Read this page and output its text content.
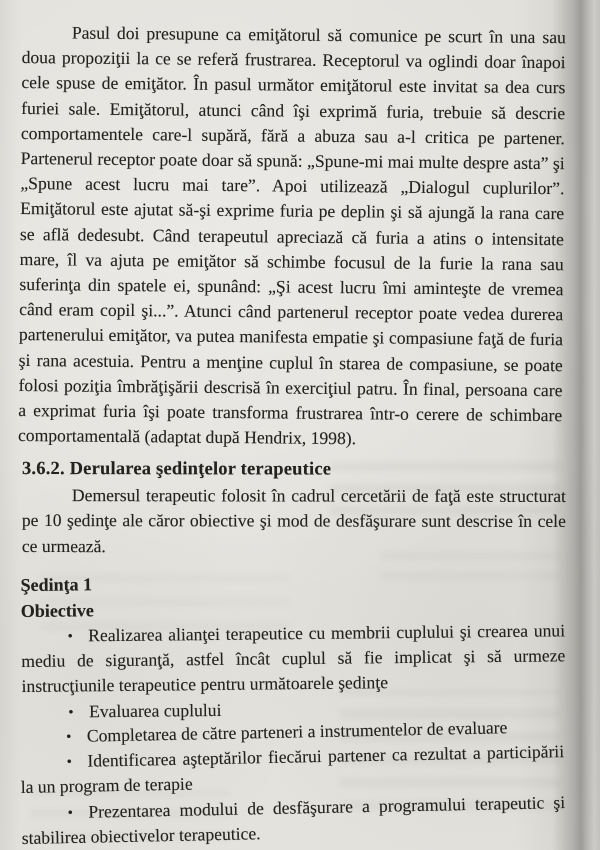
Pasul doi presupune ca emiţătorul să comunice pe scurt în una sau doua propoziţii la ce se referă frustrarea. Receptorul va oglindi doar înapoi cele spuse de emiţător. În pasul următor emiţătorul este invitat sa dea curs furiei sale. Emiţătorul, atunci când îşi exprimă furia, trebuie să descrie comportamentele care-l supără, fără a abuza sau a-l critica pe partener. Partenerul receptor poate doar să spună: „Spune-mi mai multe despre asta” şi „Spune acest lucru mai tare”. Apoi utilizează „Dialogul cuplurilor”. Emiţătorul este ajutat să-şi exprime furia pe deplin şi să ajungă la rana care se află dedesubt. Când terapeutul apreciază că furia a atins o intensitate mare, îl va ajuta pe emiţător să schimbe focusul de la furie la rana sau suferinţa din spatele ei, spunând: „Şi acest lucru îmi aminteşte de vremea când eram copil şi...”. Atunci când partenerul receptor poate vedea durerea partenerului emiţător, va putea manifesta empatie şi compasiune faţă de furia şi rana acestuia. Pentru a menţine cuplul în starea de compasiune, se poate folosi poziţia îmbrăţişării descrisă în exerciţiul patru. În final, persoana care a exprimat furia îşi poate transforma frustrarea într-o cerere de schimbare comportamentală (adaptat după Hendrix, 1998).

3.6.2. Derularea şedinţelor terapeutice

Demersul terapeutic folosit în cadrul cercetării de faţă este structurat pe 10 şedinţe ale căror obiective şi mod de desfăşurare sunt descrise în cele ce urmează.

Şedinţa 1

Obiective

• Realizarea alianţei terapeutice cu membrii cuplului şi crearea unui mediu de siguranţă, astfel încât cuplul să fie implicat şi să urmeze instrucţiunile terapeutice pentru următoarele şedinţe

• Evaluarea cuplului

• Completarea de către parteneri a instrumentelor de evaluare

• Identificarea aşteptărilor fiecărui partener ca rezultat a participării la un program de terapie

• Prezentarea modului de desfăşurare a programului terapeutic şi stabilirea obiectivelor terapeutice.
